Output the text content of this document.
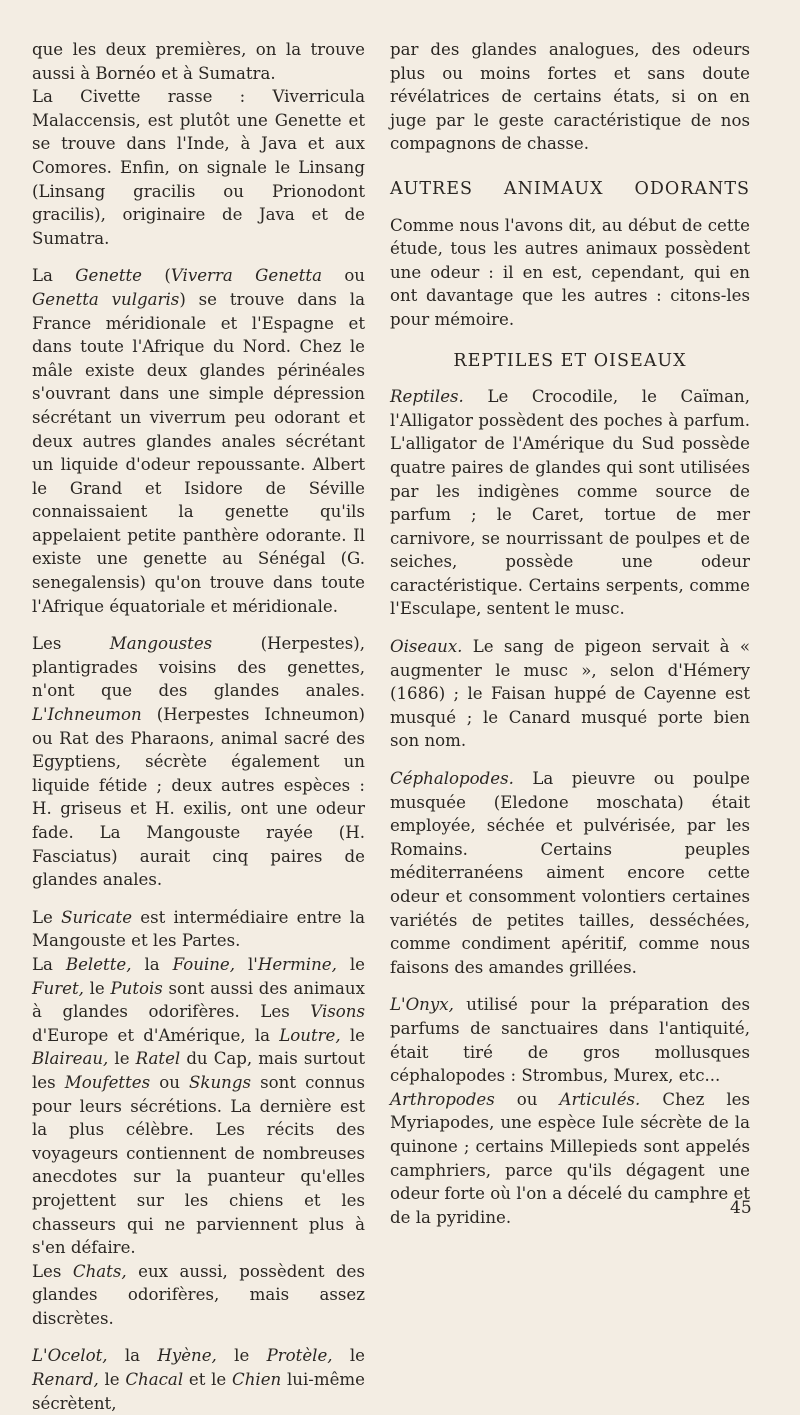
que les deux premières, on la trouve aussi à Bornéo et à Sumatra.

La Civette rasse : Viverricula Malaccensis, est plutôt une Genette et se trouve dans l'Inde, à Java et aux Comores. Enfin, on signale le Linsang (Linsang gracilis ou Prionodont gracilis), originaire de Java et de Sumatra.

La Genette (Viverra Genetta ou Genetta vulgaris) se trouve dans la France méridionale et l'Espagne et dans toute l'Afrique du Nord. Chez le mâle existe deux glandes périnéales s'ouvrant dans une simple dépression sécrétant un viverrum peu odorant et deux autres glandes anales sécrétant un liquide d'odeur repoussante. Albert le Grand et Isidore de Séville connaissaient la genette qu'ils appelaient petite panthère odorante. Il existe une genette au Sénégal (G. senegalensis) qu'on trouve dans toute l'Afrique équatoriale et méridionale.

Les Mangoustes (Herpestes), plantigrades voisins des genettes, n'ont que des glandes anales. L'Ichneumon (Herpestes Ichneumon) ou Rat des Pharaons, animal sacré des Egyptiens, sécrète également un liquide fétide ; deux autres espèces : H. griseus et H. exilis, ont une odeur fade. La Mangouste rayée (H. Fasciatus) aurait cinq paires de glandes anales.

Le Suricate est intermédiaire entre la Mangouste et les Partes.

La Belette, la Fouine, l'Hermine, le Furet, le Putois sont aussi des animaux à glandes odorifères. Les Visons d'Europe et d'Amérique, la Loutre, le Blaireau, le Ratel du Cap, mais surtout les Moufettes ou Skungs sont connus pour leurs sécrétions. La dernière est la plus célèbre. Les récits des voyageurs contiennent de nombreuses anecdotes sur la puanteur qu'elles projettent sur les chiens et les chasseurs qui ne parviennent plus à s'en défaire.

Les Chats, eux aussi, possèdent des glandes odorifères, mais assez discrètes.

L'Ocelot, la Hyène, le Protèle, le Renard, le Chacal et le Chien lui-même sécrètent,

par des glandes analogues, des odeurs plus ou moins fortes et sans doute révélatrices de certains états, si on en juge par le geste caractéristique de nos compagnons de chasse.

AUTRES ANIMAUX ODORANTS

Comme nous l'avons dit, au début de cette étude, tous les autres animaux possèdent une odeur : il en est, cependant, qui en ont davantage que les autres : citons-les pour mémoire.

REPTILES ET OISEAUX

Reptiles. Le Crocodile, le Caïman, l'Alligator possèdent des poches à parfum. L'alligator de l'Amérique du Sud possède quatre paires de glandes qui sont utilisées par les indigènes comme source de parfum ; le Caret, tortue de mer carnivore, se nourrissant de poulpes et de seiches, possède une odeur caractéristique. Certains serpents, comme l'Esculape, sentent le musc.

Oiseaux. Le sang de pigeon servait à « augmenter le musc », selon d'Hémery (1686) ; le Faisan huppé de Cayenne est musqué ; le Canard musqué porte bien son nom.

Céphalopodes. La pieuvre ou poulpe musquée (Eledone moschata) était employée, séchée et pulvérisée, par les Romains. Certains peuples méditerranéens aiment encore cette odeur et consomment volontiers certaines variétés de petites tailles, desséchées, comme condiment apéritif, comme nous faisons des amandes grillées.

L'Onyx, utilisé pour la préparation des parfums de sanctuaires dans l'antiquité, était tiré de gros mollusques céphalopodes : Strombus, Murex, etc...

Arthropodes ou Articulés. Chez les Myriapodes, une espèce Iule sécrète de la quinone ; certains Millepieds sont appelés camphriers, parce qu'ils dégagent une odeur forte où l'on a décelé du camphre et de la pyridine.	45
